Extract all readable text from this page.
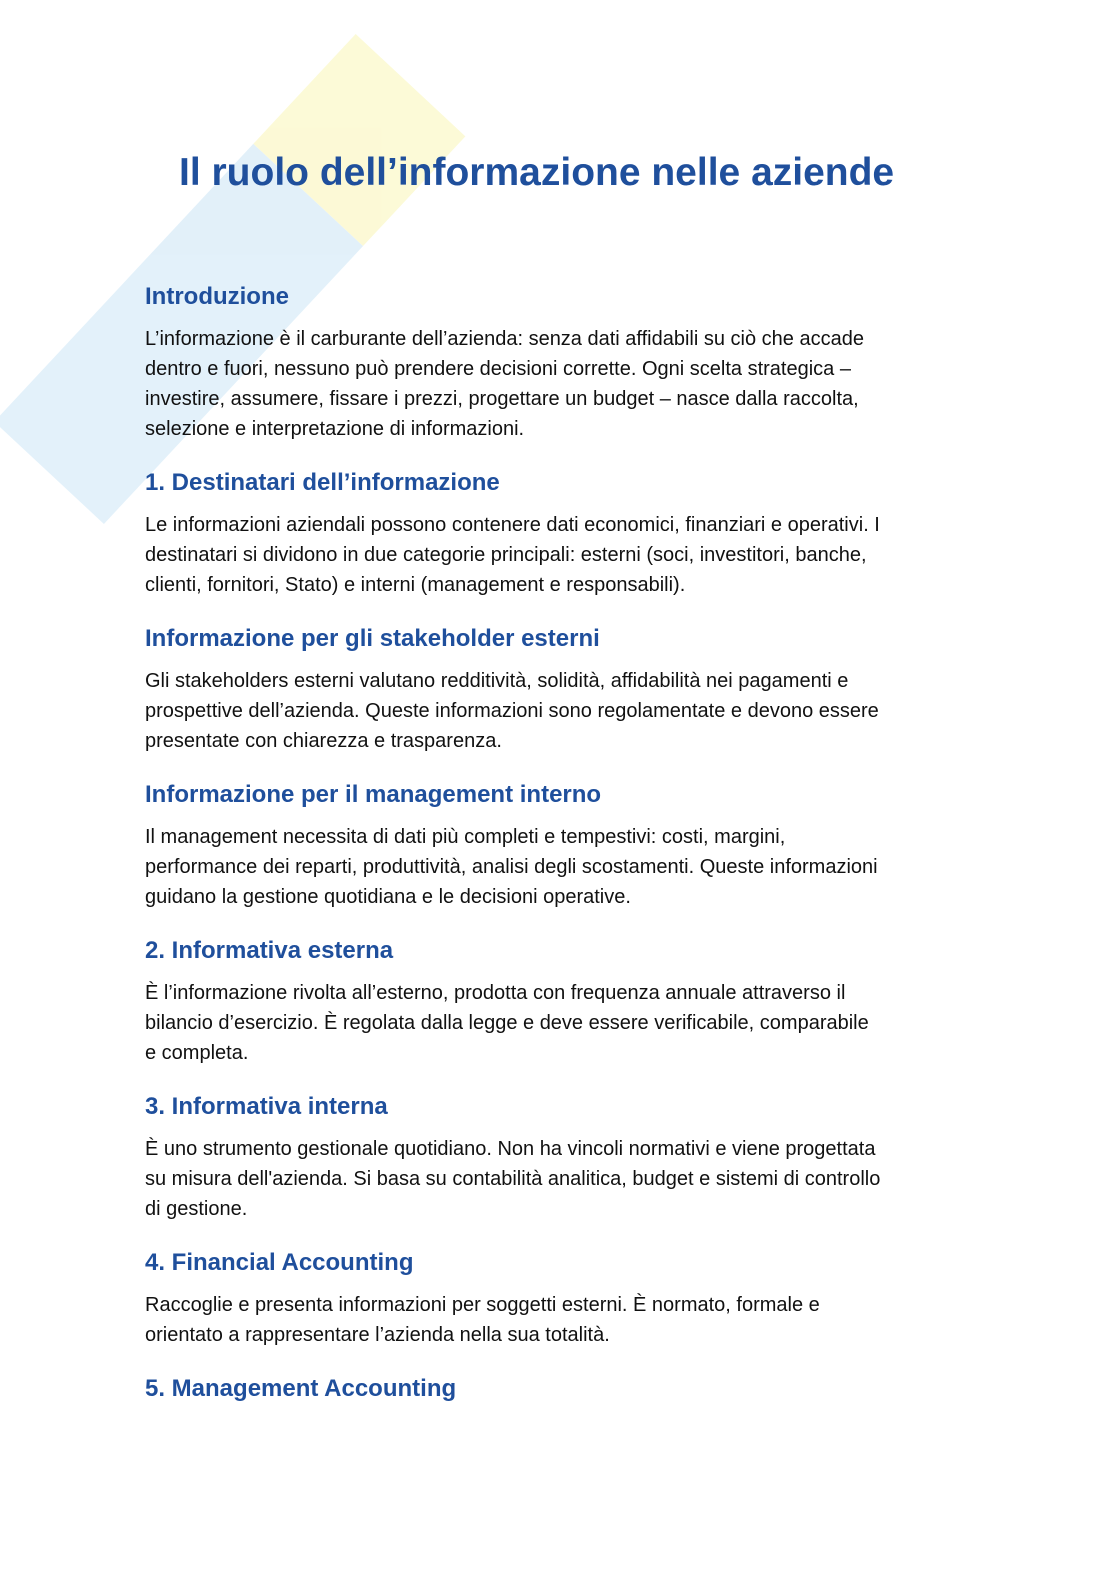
Il ruolo dell’informazione nelle aziende
Introduzione
L’informazione è il carburante dell’azienda: senza dati affidabili su ciò che accade
dentro e fuori, nessuno può prendere decisioni corrette. Ogni scelta strategica –
investire, assumere, fissare i prezzi, progettare un budget – nasce dalla raccolta,
selezione e interpretazione di informazioni.
1. Destinatari dell’informazione
Le informazioni aziendali possono contenere dati economici, finanziari e operativi. I
destinatari si dividono in due categorie principali: esterni (soci, investitori, banche,
clienti, fornitori, Stato) e interni (management e responsabili).
Informazione per gli stakeholder esterni
Gli stakeholders esterni valutano redditività, solidità, affidabilità nei pagamenti e
prospettive dell’azienda. Queste informazioni sono regolamentate e devono essere
presentate con chiarezza e trasparenza.
Informazione per il management interno
Il management necessita di dati più completi e tempestivi: costi, margini,
performance dei reparti, produttività, analisi degli scostamenti. Queste informazioni
guidano la gestione quotidiana e le decisioni operative.
2. Informativa esterna
È l’informazione rivolta all’esterno, prodotta con frequenza annuale attraverso il
bilancio d’esercizio. È regolata dalla legge e deve essere verificabile, comparabile
e completa.
3. Informativa interna
È uno strumento gestionale quotidiano. Non ha vincoli normativi e viene progettata
su misura dell'azienda. Si basa su contabilità analitica, budget e sistemi di controllo
di gestione.
4. Financial Accounting
Raccoglie e presenta informazioni per soggetti esterni. È normato, formale e
orientato a rappresentare l’azienda nella sua totalità.
5. Management Accounting
